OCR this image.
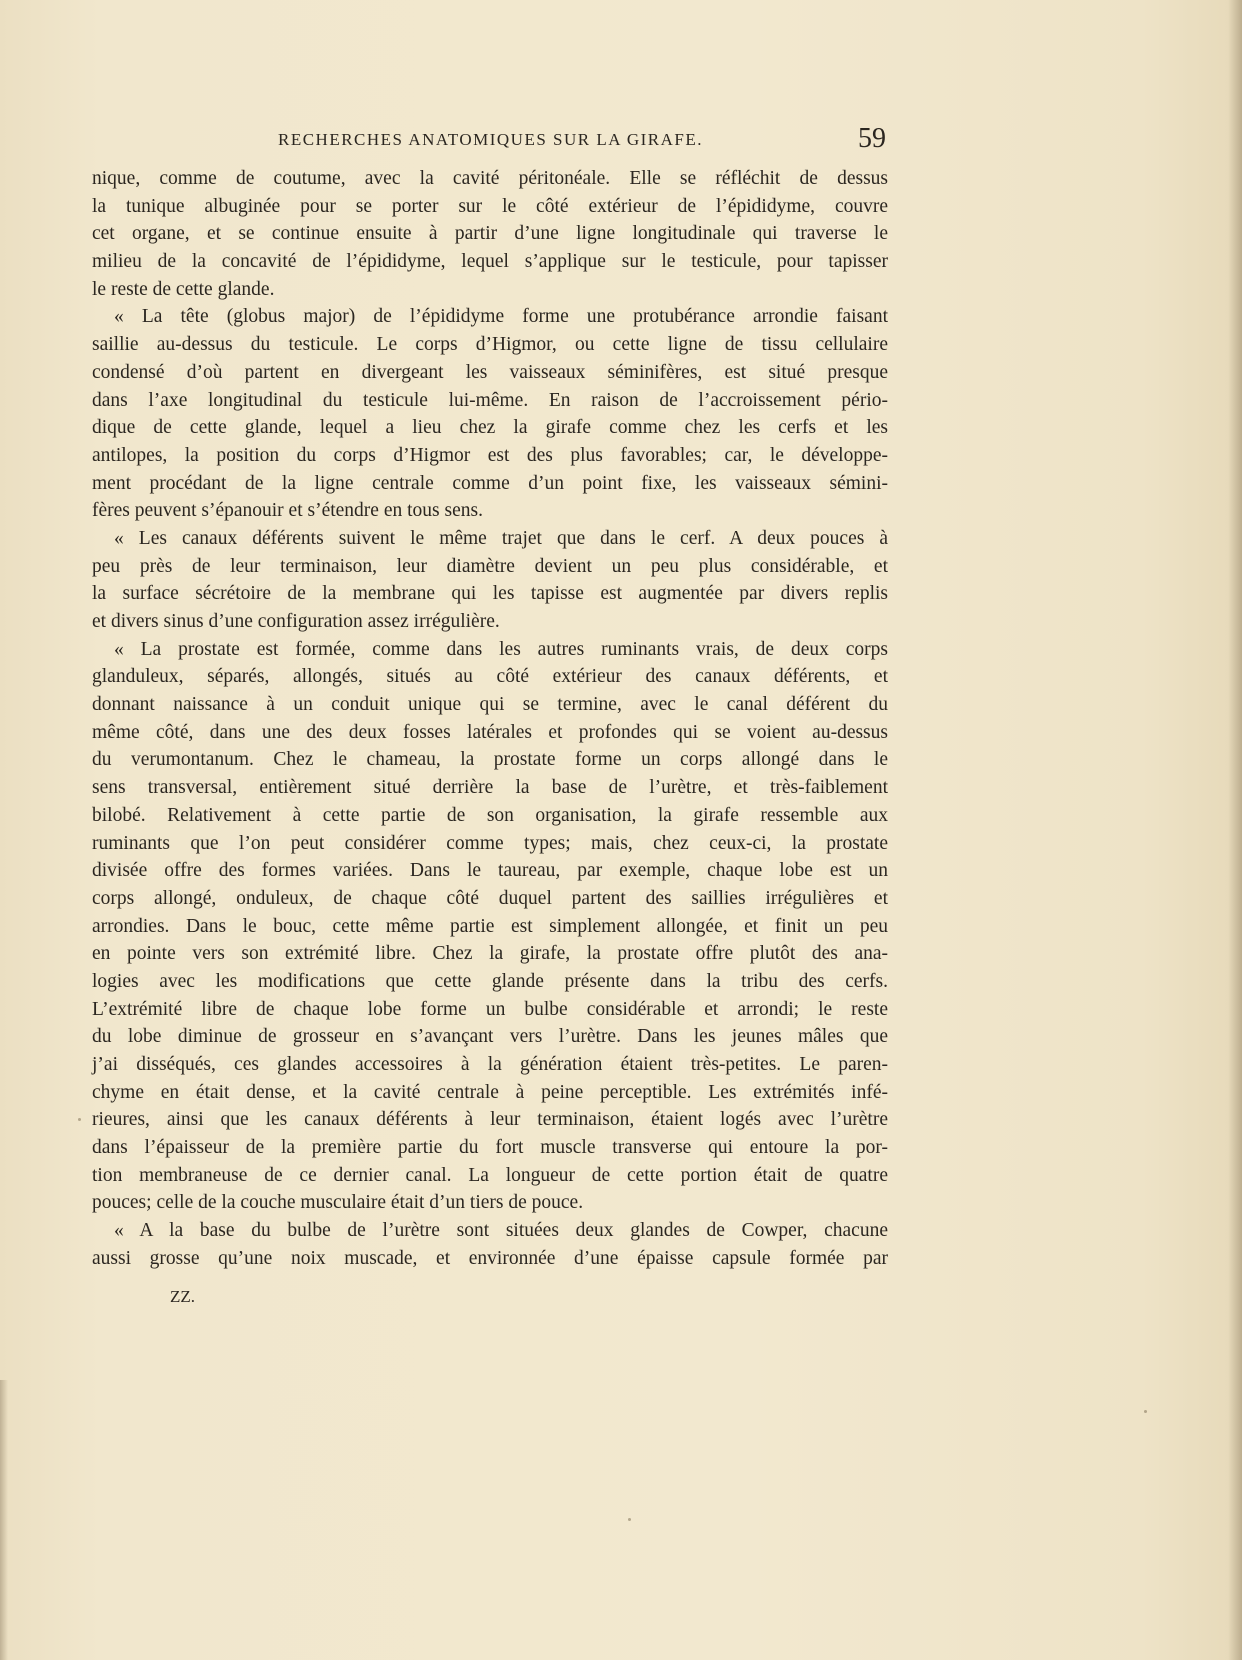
RECHERCHES ANATOMIQUES SUR LA GIRAFE.	59
nique, comme de coutume, avec la cavité péritonéale. Elle se réfléchit de dessus
la tunique albuginée pour se porter sur le côté extérieur de l’épididyme, couvre
cet organe, et se continue ensuite à partir d’une ligne longitudinale qui traverse le
milieu de la concavité de l’épididyme, lequel s’applique sur le testicule, pour tapisser
le reste de cette glande.
« La tête (globus major) de l’épididyme forme une protubérance arrondie faisant
saillie au-dessus du testicule. Le corps d’Higmor, ou cette ligne de tissu cellulaire
condensé d’où partent en divergeant les vaisseaux séminifères, est situé presque
dans l’axe longitudinal du testicule lui-même. En raison de l’accroissement pério-
dique de cette glande, lequel a lieu chez la girafe comme chez les cerfs et les
antilopes, la position du corps d’Higmor est des plus favorables; car, le développe-
ment procédant de la ligne centrale comme d’un point fixe, les vaisseaux sémini-
fères peuvent s’épanouir et s’étendre en tous sens.
« Les canaux déférents suivent le même trajet que dans le cerf. A deux pouces à
peu près de leur terminaison, leur diamètre devient un peu plus considérable, et
la surface sécrétoire de la membrane qui les tapisse est augmentée par divers replis
et divers sinus d’une configuration assez irrégulière.
« La prostate est formée, comme dans les autres ruminants vrais, de deux corps
glanduleux, séparés, allongés, situés au côté extérieur des canaux déférents, et
donnant naissance à un conduit unique qui se termine, avec le canal déférent du
même côté, dans une des deux fosses latérales et profondes qui se voient au-dessus
du verumontanum. Chez le chameau, la prostate forme un corps allongé dans le
sens transversal, entièrement situé derrière la base de l’urètre, et très-faiblement
bilobé. Relativement à cette partie de son organisation, la girafe ressemble aux
ruminants que l’on peut considérer comme types; mais, chez ceux-ci, la prostate
divisée offre des formes variées. Dans le taureau, par exemple, chaque lobe est un
corps allongé, onduleux, de chaque côté duquel partent des saillies irrégulières et
arrondies. Dans le bouc, cette même partie est simplement allongée, et finit un peu
en pointe vers son extrémité libre. Chez la girafe, la prostate offre plutôt des ana-
logies avec les modifications que cette glande présente dans la tribu des cerfs.
L’extrémité libre de chaque lobe forme un bulbe considérable et arrondi; le reste
du lobe diminue de grosseur en s’avançant vers l’urètre. Dans les jeunes mâles que
j’ai disséqués, ces glandes accessoires à la génération étaient très-petites. Le paren-
chyme en était dense, et la cavité centrale à peine perceptible. Les extrémités infé-
rieures, ainsi que les canaux déférents à leur terminaison, étaient logés avec l’urètre
dans l’épaisseur de la première partie du fort muscle transverse qui entoure la por-
tion membraneuse de ce dernier canal. La longueur de cette portion était de quatre
pouces; celle de la couche musculaire était d’un tiers de pouce.
« A la base du bulbe de l’urètre sont situées deux glandes de Cowper, chacune
aussi grosse qu’une noix muscade, et environnée d’une épaisse capsule formée par
ZZ.
